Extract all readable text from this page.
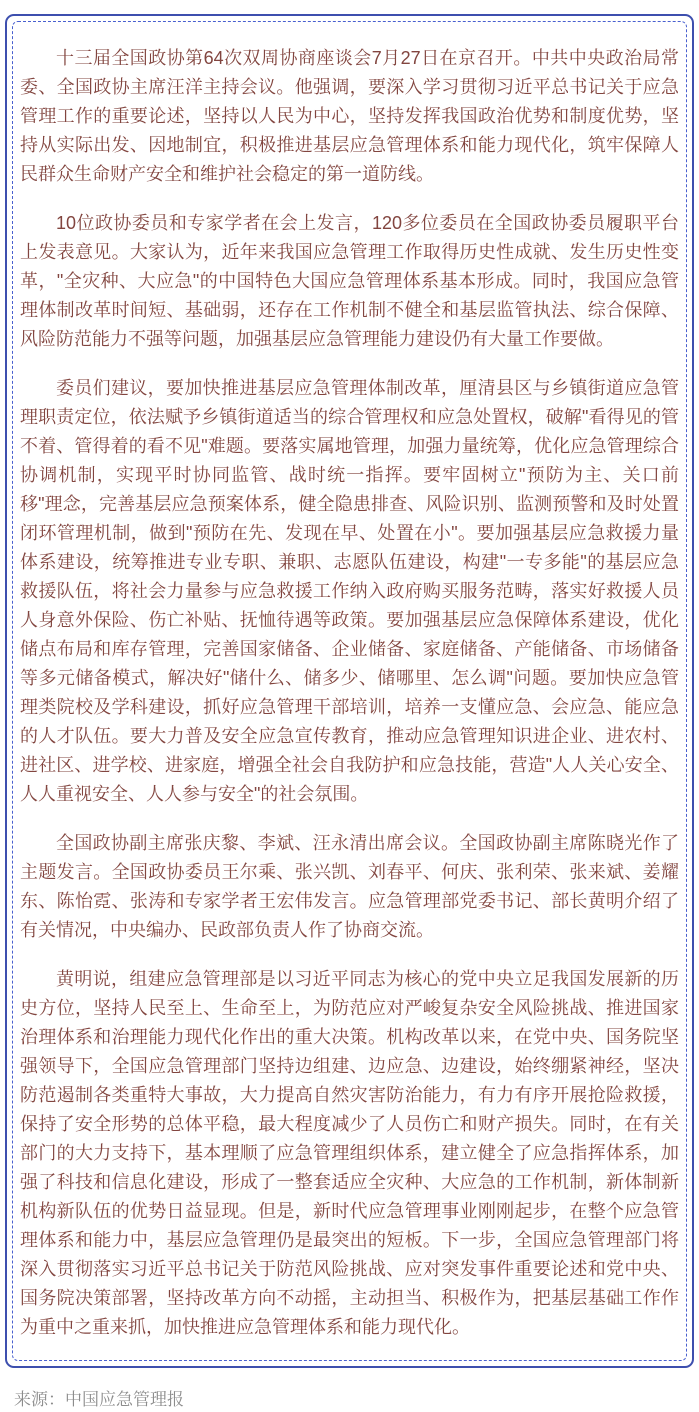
十三届全国政协第64次双周协商座谈会7月27日在京召开。中共中央政治局常委、全国政协主席汪洋主持会议。他强调，要深入学习贯彻习近平总书记关于应急管理工作的重要论述，坚持以人民为中心，坚持发挥我国政治优势和制度优势，坚持从实际出发、因地制宜，积极推进基层应急管理体系和能力现代化，筑牢保障人民群众生命财产安全和维护社会稳定的第一道防线。

10位政协委员和专家学者在会上发言，120多位委员在全国政协委员履职平台上发表意见。大家认为，近年来我国应急管理工作取得历史性成就、发生历史性变革，"全灾种、大应急"的中国特色大国应急管理体系基本形成。同时，我国应急管理体制改革时间短、基础弱，还存在工作机制不健全和基层监管执法、综合保障、风险防范能力不强等问题，加强基层应急管理能力建设仍有大量工作要做。

委员们建议，要加快推进基层应急管理体制改革，厘清县区与乡镇街道应急管理职责定位，依法赋予乡镇街道适当的综合管理权和应急处置权，破解"看得见的管不着、管得着的看不见"难题。要落实属地管理，加强力量统筹，优化应急管理综合协调机制，实现平时协同监管、战时统一指挥。要牢固树立"预防为主、关口前移"理念，完善基层应急预案体系，健全隐患排查、风险识别、监测预警和及时处置闭环管理机制，做到"预防在先、发现在早、处置在小"。要加强基层应急救援力量体系建设，统筹推进专业专职、兼职、志愿队伍建设，构建"一专多能"的基层应急救援队伍，将社会力量参与应急救援工作纳入政府购买服务范畴，落实好救援人员人身意外保险、伤亡补贴、抚恤待遇等政策。要加强基层应急保障体系建设，优化储点布局和库存管理，完善国家储备、企业储备、家庭储备、产能储备、市场储备等多元储备模式，解决好"储什么、储多少、储哪里、怎么调"问题。要加快应急管理类院校及学科建设，抓好应急管理干部培训，培养一支懂应急、会应急、能应急的人才队伍。要大力普及安全应急宣传教育，推动应急管理知识进企业、进农村、进社区、进学校、进家庭，增强全社会自我防护和应急技能，营造"人人关心安全、人人重视安全、人人参与安全"的社会氛围。

全国政协副主席张庆黎、李斌、汪永清出席会议。全国政协副主席陈晓光作了主题发言。全国政协委员王尔乘、张兴凯、刘春平、何庆、张利荣、张来斌、姜耀东、陈怡霓、张涛和专家学者王宏伟发言。应急管理部党委书记、部长黄明介绍了有关情况，中央编办、民政部负责人作了协商交流。

黄明说，组建应急管理部是以习近平同志为核心的党中央立足我国发展新的历史方位，坚持人民至上、生命至上，为防范应对严峻复杂安全风险挑战、推进国家治理体系和治理能力现代化作出的重大决策。机构改革以来，在党中央、国务院坚强领导下，全国应急管理部门坚持边组建、边应急、边建设，始终绷紧神经，坚决防范遏制各类重特大事故，大力提高自然灾害防治能力，有力有序开展抢险救援，保持了安全形势的总体平稳，最大程度减少了人员伤亡和财产损失。同时，在有关部门的大力支持下，基本理顺了应急管理组织体系，建立健全了应急指挥体系，加强了科技和信息化建设，形成了一整套适应全灾种、大应急的工作机制，新体制新机构新队伍的优势日益显现。但是，新时代应急管理事业刚刚起步，在整个应急管理体系和能力中，基层应急管理仍是最突出的短板。下一步，全国应急管理部门将深入贯彻落实习近平总书记关于防范风险挑战、应对突发事件重要论述和党中央、国务院决策部署，坚持改革方向不动摇，主动担当、积极作为，把基层基础工作作为重中之重来抓，加快推进应急管理体系和能力现代化。

来源：中国应急管理报
